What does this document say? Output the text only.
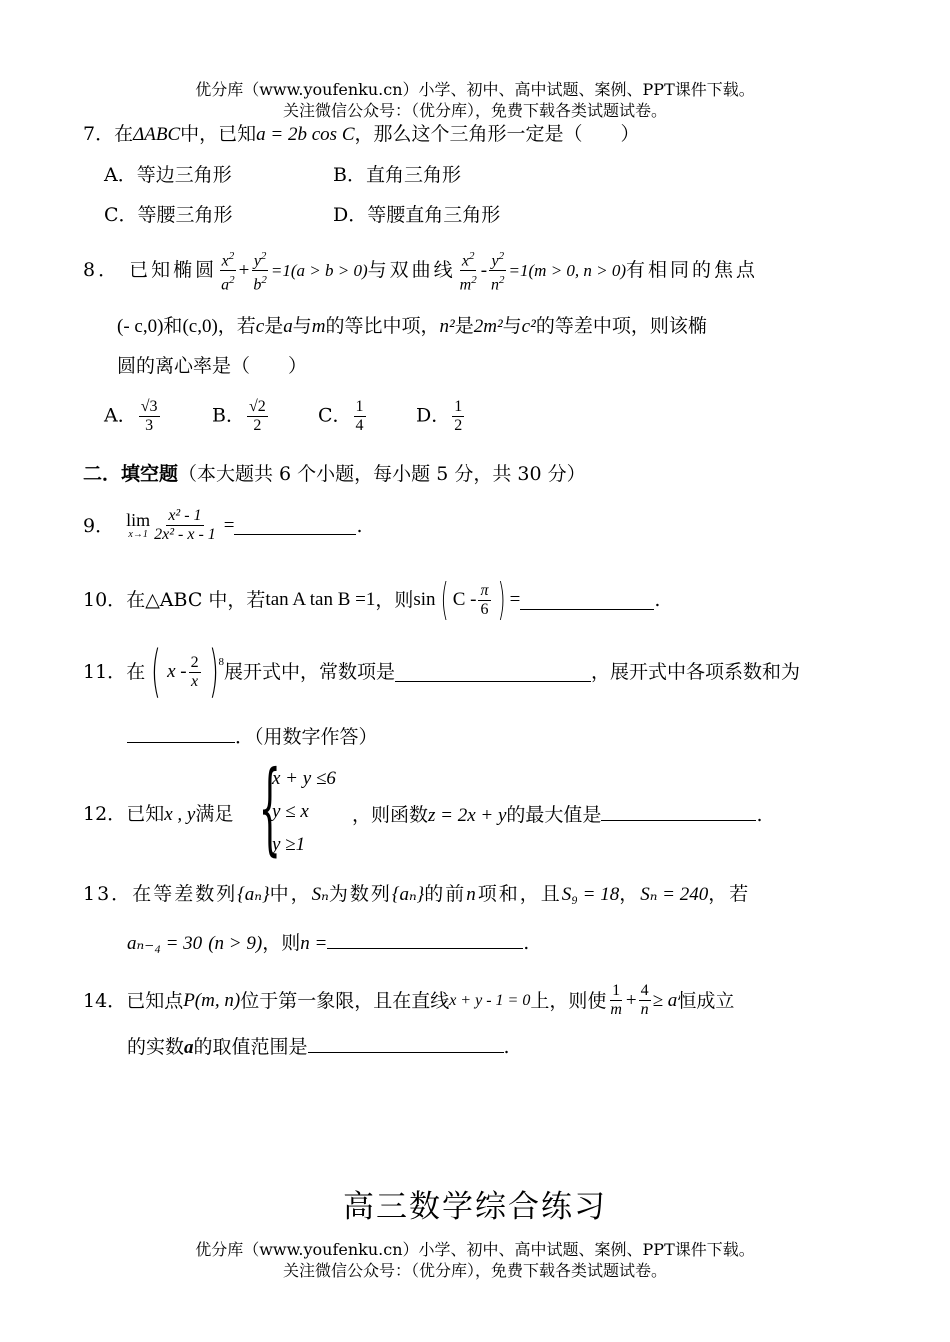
优分库（www.youfenku.cn）小学、初中、高中试题、案例、PPT课件下载。
关注微信公众号：（优分库），免费下载各类试题试卷。
7．在ΔABC中，已知a = 2b cos C，那么这个三角形一定是（　　）
A．等边三角形	B．直角三角形
C．等腰三角形	D．等腰直角三角形
8． 已知椭圆 $\frac{x^2}{a^2} + \frac{y^2}{b^2} =1(a > b > 0)$与双曲线 $\frac{x^2}{m^2} - \frac{y^2}{n^2} =1(m > 0$, n > 0)有相同的焦点
(- c,0)和(c,0)，若c是a与m的等比中项，n²是2m²与c²的等差中项，则该椭
圆的离心率是（　　）
A． $\frac{√3}{3}$	B． $\frac{√2}{2}$	C． $\frac{1}{4}$	D． $\frac{1}{2}$
二．填空题（本大题共 6 个小题，每小题 5 分，共 30 分）
9． lim
$x\to 1 \frac{\text{x² - 1}}{\text{2x² - x - 1}}$ =	.
10． 在△ABC 中，若 tan A tan B =1 ，则 sin ( C - $\frac{\pi}{6}$ ) =	.
11． 在 ( x - $\frac{2}{x}$ ) 8 展开式中，常数项是	，展开式中各项系数和为
．（用数字作答）
12．已知x , y满足 {
x + y ≤6
y ≤ x
y ≥1
，则函数z = 2x + y的最大值是	.
13．在等差数列{aₙ}中，Sₙ为数列{aₙ}的前n项和，且S₉ = 18，Sₙ = 240，若
aₙ₋₄ = 30 (n > 9)，则n =	.
14． 已知点 P(m, n) 位于第一象限，且在直线 x + y - 1 = 0 上，则使 $\frac{1}{m} + \frac{4}{n} \ge a$ 恒成立
的实数a的取值范围是	.
高三数学综合练习
优分库（www.youfenku.cn）小学、初中、高中试题、案例、PPT课件下载。
关注微信公众号：（优分库），免费下载各类试题试卷。
